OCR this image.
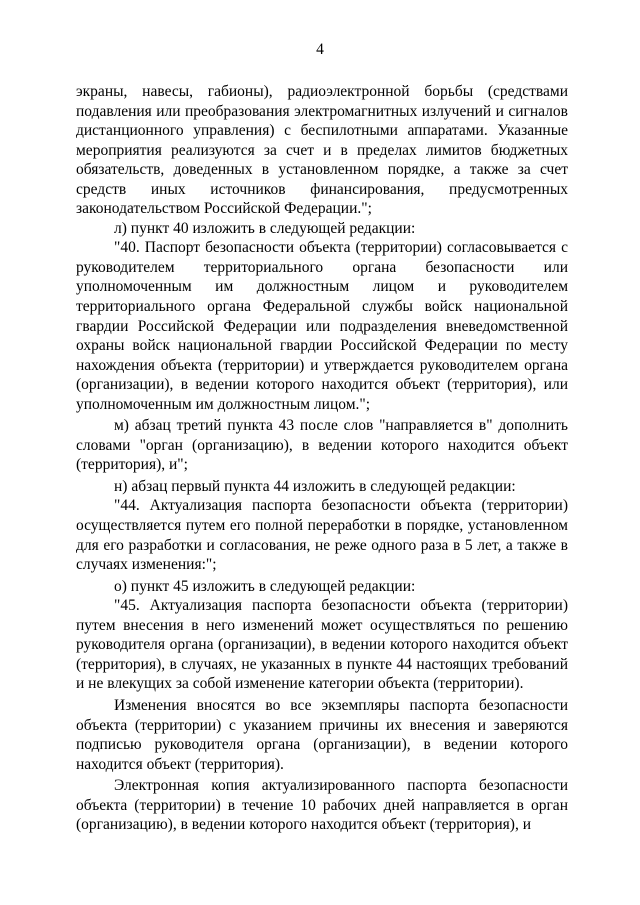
4

экраны, навесы, габионы), радиоэлектронной борьбы (средствами подавления или преобразования электромагнитных излучений и сигналов дистанционного управления) с беспилотными аппаратами. Указанные мероприятия реализуются за счет и в пределах лимитов бюджетных обязательств, доведенных в установленном порядке, а также за счет средств иных источников финансирования, предусмотренных законодательством Российской Федерации.";

л) пункт 40 изложить в следующей редакции:

"40. Паспорт безопасности объекта (территории) согласовывается с руководителем территориального органа безопасности или уполномоченным им должностным лицом и руководителем территориального органа Федеральной службы войск национальной гвардии Российской Федерации или подразделения вневедомственной охраны войск национальной гвардии Российской Федерации по месту нахождения объекта (территории) и утверждается руководителем органа (организации), в ведении которого находится объект (территория), или уполномоченным им должностным лицом.";

м) абзац третий пункта 43 после слов "направляется в" дополнить словами "орган (организацию), в ведении которого находится объект (территория), и";

н) абзац первый пункта 44 изложить в следующей редакции:

"44. Актуализация паспорта безопасности объекта (территории) осуществляется путем его полной переработки в порядке, установленном для его разработки и согласования, не реже одного раза в 5 лет, а также в случаях изменения:";

о) пункт 45 изложить в следующей редакции:

"45. Актуализация паспорта безопасности объекта (территории) путем внесения в него изменений может осуществляться по решению руководителя органа (организации), в ведении которого находится объект (территория), в случаях, не указанных в пункте 44 настоящих требований и не влекущих за собой изменение категории объекта (территории).

Изменения вносятся во все экземпляры паспорта безопасности объекта (территории) с указанием причины их внесения и заверяются подписью руководителя органа (организации), в ведении которого находится объект (территория).

Электронная копия актуализированного паспорта безопасности объекта (территории) в течение 10 рабочих дней направляется в орган (организацию), в ведении которого находится объект (территория), и
